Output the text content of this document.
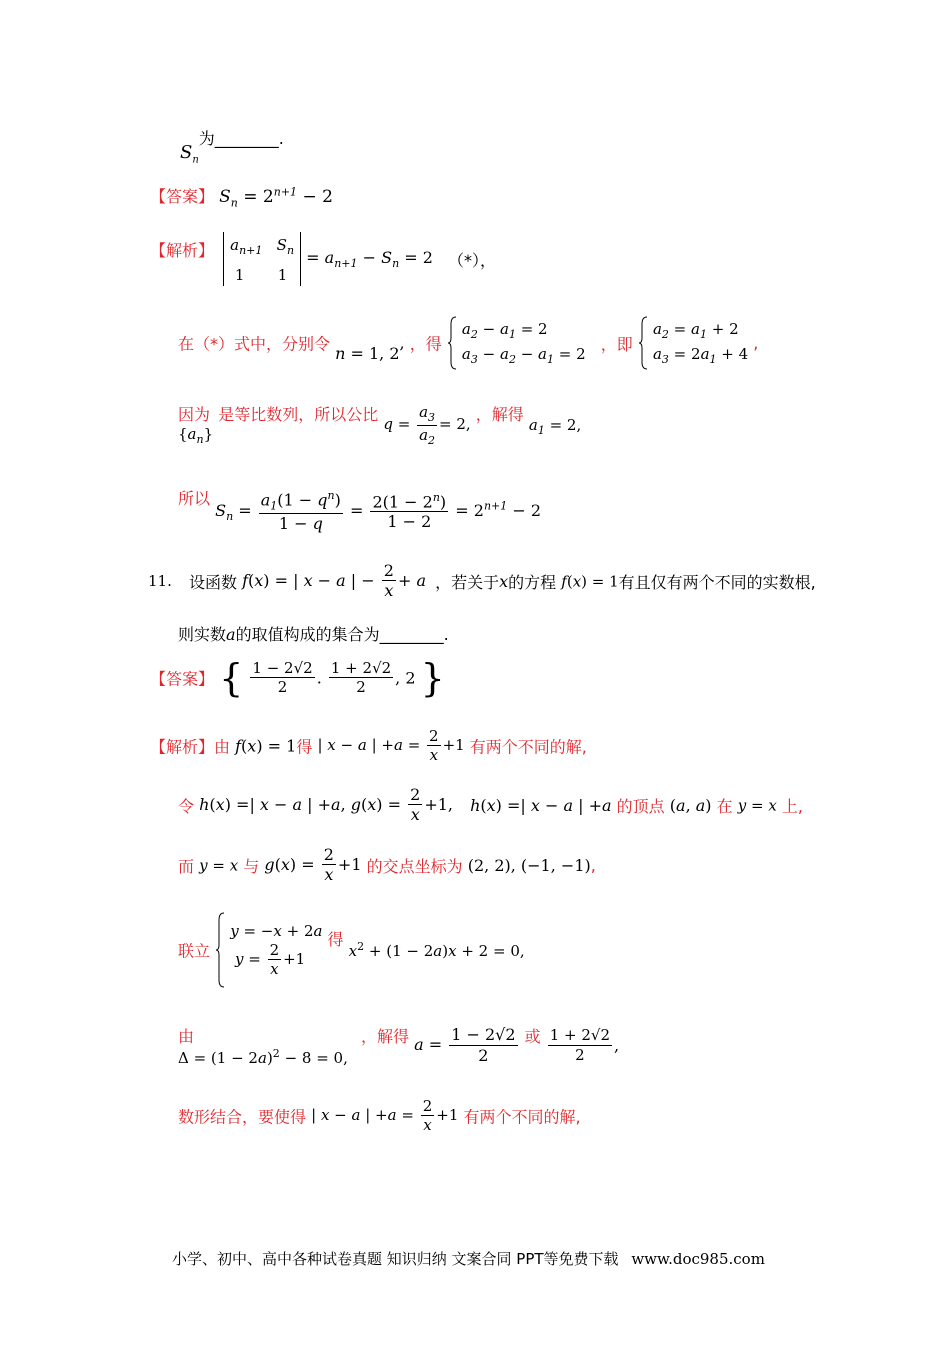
$S_n$为________.
【答案】 $S_n = 2^{n+1} - 2$
【解析】 $a_{n+1}$   $S_n$
1       1
= $a_{n+1} - S_n = 2$ （*），
在（*）式中，分别令 n = 1, 2, ，得
$a_2 - a_1 = 2$
$a_3 - a_2 - a_1 = 2$
，即
$a_2 = a_1 + 2$
$a_3 = 2a_1 + 4$
,
因为
$\{a_n\}$
是等比数列，所以公比 $q = \frac{a_3}{a_2} = 2$, ，解得 $a_1 = 2$,
所以 $S_n = \frac{a_1(1 - q^n)}{1 - q} = \frac{2(1 - 2^n)}{1 - 2} = 2^{n+1} - 2$
11. 设函数 f(x) = | x − a | − $\frac{2}{x} + a$ ，若关于x的方程 f(x) = 1有且仅有两个不同的实数根,
则实数a的取值构成的集合为________.
【答案】 { $\frac{1 - 2√2}{2}$ . $\frac{1 + 2√2}{2}$ , 2 }
【解析】由 f(x) = 1得 | x − a | $+a = \frac{2}{x} +1$ 有两个不同的解,
令 h(x) =| x − a | +a, $g(x) = \frac{2}{x} +1$, h(x) =| x − a | +a 的顶点 (a, a) 在 y = x 上,
而 y = x 与 $g(x) = \frac{2}{x} +1$ 的交点坐标为 (2, 2), (−1, −1),
联立
y = −x + 2a
$y = \frac{2}{x} +1$
得 $x^2 + (1 - 2a)x + 2 = 0$,
由
$\Delta = (1 - 2a)^2 - 8 = 0$,
，解得 $a = \frac{1 - 2√2}{2}$ 或 $\frac{1 + 2√2}{2}$ ,
数形结合，要使得 | x − a | $+a = \frac{2}{x} +1$ 有两个不同的解,
小学、初中、高中各种试卷真题 知识归纳 文案合同 PPT等免费下载 www.doc985.com
